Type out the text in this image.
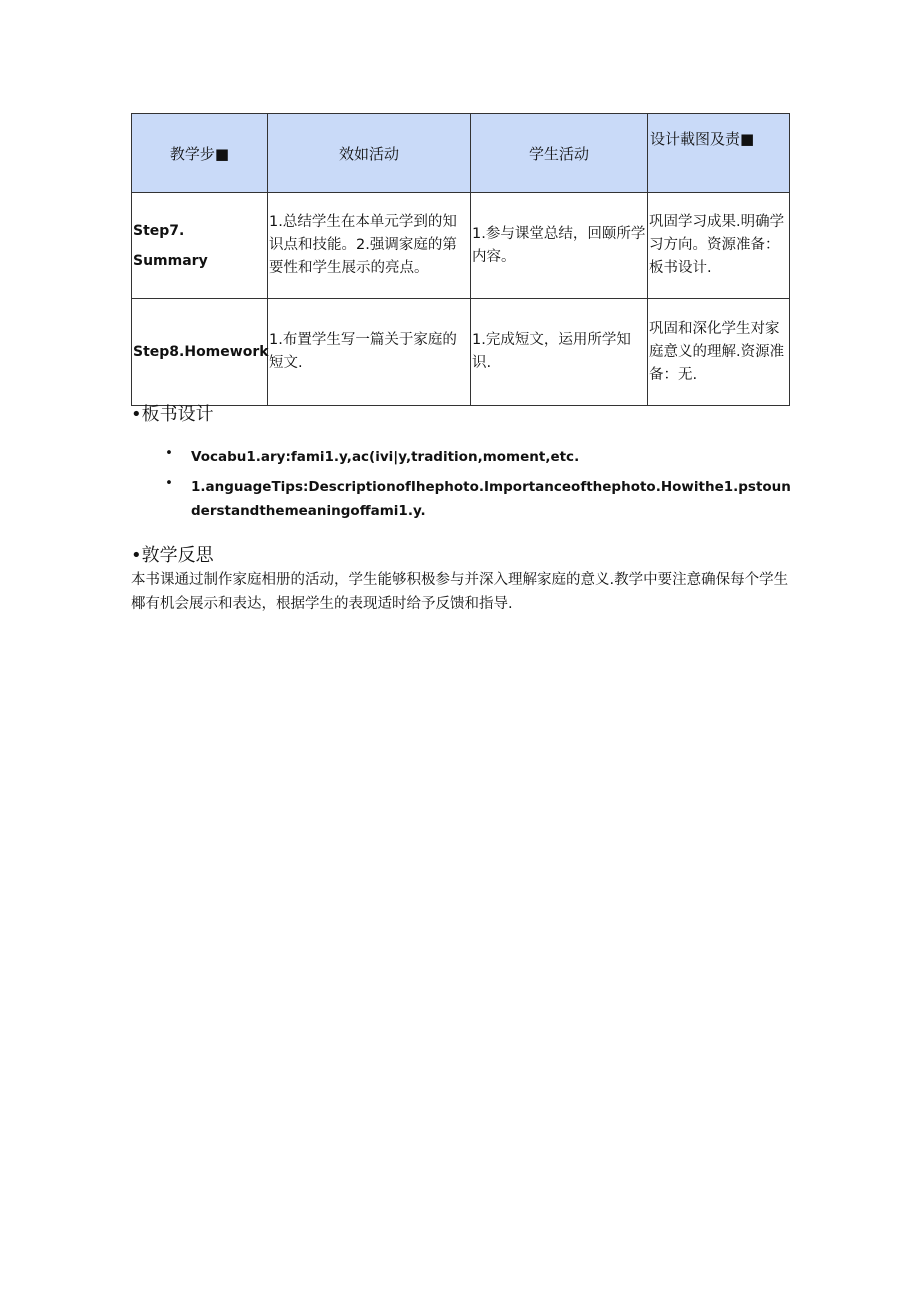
教学步■	效如活动	学生活动	设计載图及责■

Step7.
Summary	1.总结学生在本单元学到的知识点和技能。2.强调家庭的第要性和学生展示的亮点。	1.参与课堂总结，回颐所学内容。	巩固学习成果.明确学习方向。资源准备：板书设计.

Step8.Homework	1.布置学生写一篇关于家庭的短文.	1.完成短文，运用所学知识.	巩固和深化学生对家庭意义的理解.资源准备：无.
•板书设计
•	Vocabu1.ary:fami1.y,ac(ivi|y,tradition,moment,etc.
•	1.anguageTips:DescriptionofIhephoto.Importanceofthephoto.Howithe1.pstounderstandthemeaningoffami1.y.
•敦学反思
本书课通过制作家庭相册的活动，学生能够积极参与并深入理解家庭的意义.教学中要注意确保每个学生椰有机会展示和表达，根据学生的表现适时给予反馈和指导.
